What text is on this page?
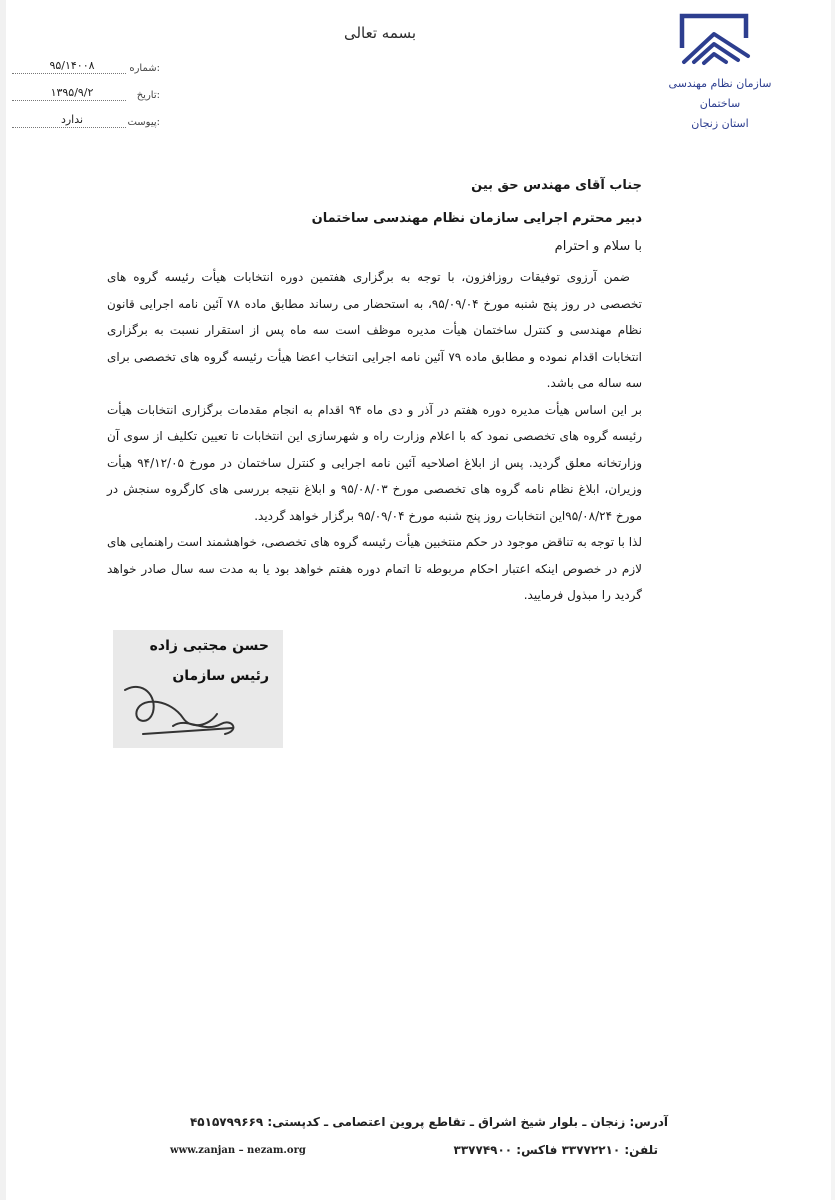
بسمه تعالی
سازمان نظام مهندسی ساختمان
استان زنجان
۹۵/۱۴۰۰۸	شماره:
۱۳۹۵/۹/۲	تاریخ:
ندارد	پیوست:
جناب آقای مهندس حق بین
دبیر محترم اجرایی سازمان نظام مهندسی ساختمان
با سلام و احترام

ضمن آرزوی توفیقات روزافزون، با توجه به برگزاری هفتمین دوره انتخابات هیأت رئیسه گروه های تخصصی در روز پنج شنبه مورخ ۹۵/۰۹/۰۴، به استحضار می رساند مطابق ماده ۷۸ آئین نامه اجرایی قانون نظام مهندسی و کنترل ساختمان هیأت مدیره موظف است سه ماه پس از استقرار نسبت به برگزاری انتخابات اقدام نموده و مطابق ماده ۷۹ آئین نامه اجرایی انتخاب اعضا هیأت رئیسه گروه های تخصصی برای سه ساله می باشد.

بر این اساس هیأت مدیره دوره هفتم در آذر و دی ماه ۹۴ اقدام به انجام مقدمات برگزاری انتخابات هیأت رئیسه گروه های تخصصی نمود که با اعلام وزارت راه و شهرسازی این انتخابات تا تعیین تکلیف از سوی آن وزارتخانه معلق گردید. پس از ابلاغ اصلاحیه آئین نامه اجرایی و کنترل ساختمان در مورخ ۹۴/۱۲/۰۵ هیأت وزیران، ابلاغ نظام نامه گروه های تخصصی مورخ ۹۵/۰۸/۰۳ و ابلاغ نتیجه بررسی های کارگروه سنجش در مورخ ۹۵/۰۸/۲۴این انتخابات روز پنج شنبه مورخ ۹۵/۰۹/۰۴ برگزار خواهد گردید.

لذا با توجه به تناقض موجود در حکم منتخبین هیأت رئیسه گروه های تخصصی، خواهشمند است راهنمایی های لازم در خصوص اینکه اعتبار احکام مربوطه تا اتمام دوره هفتم خواهد بود یا به مدت سه سال صادر خواهد گردید را مبذول فرمایید.

حسن مجتبی زاده
رئیس سازمان
آدرس: زنجان ـ بلوار شیخ اشراق ـ تقاطع پروین اعتصامی ـ کدپستی: ۴۵۱۵۷۹۹۶۶۹
تلفن: ۳۳۷۷۲۲۱۰ فاکس: ۳۳۷۷۴۹۰۰
www.zanjan – nezam.org
